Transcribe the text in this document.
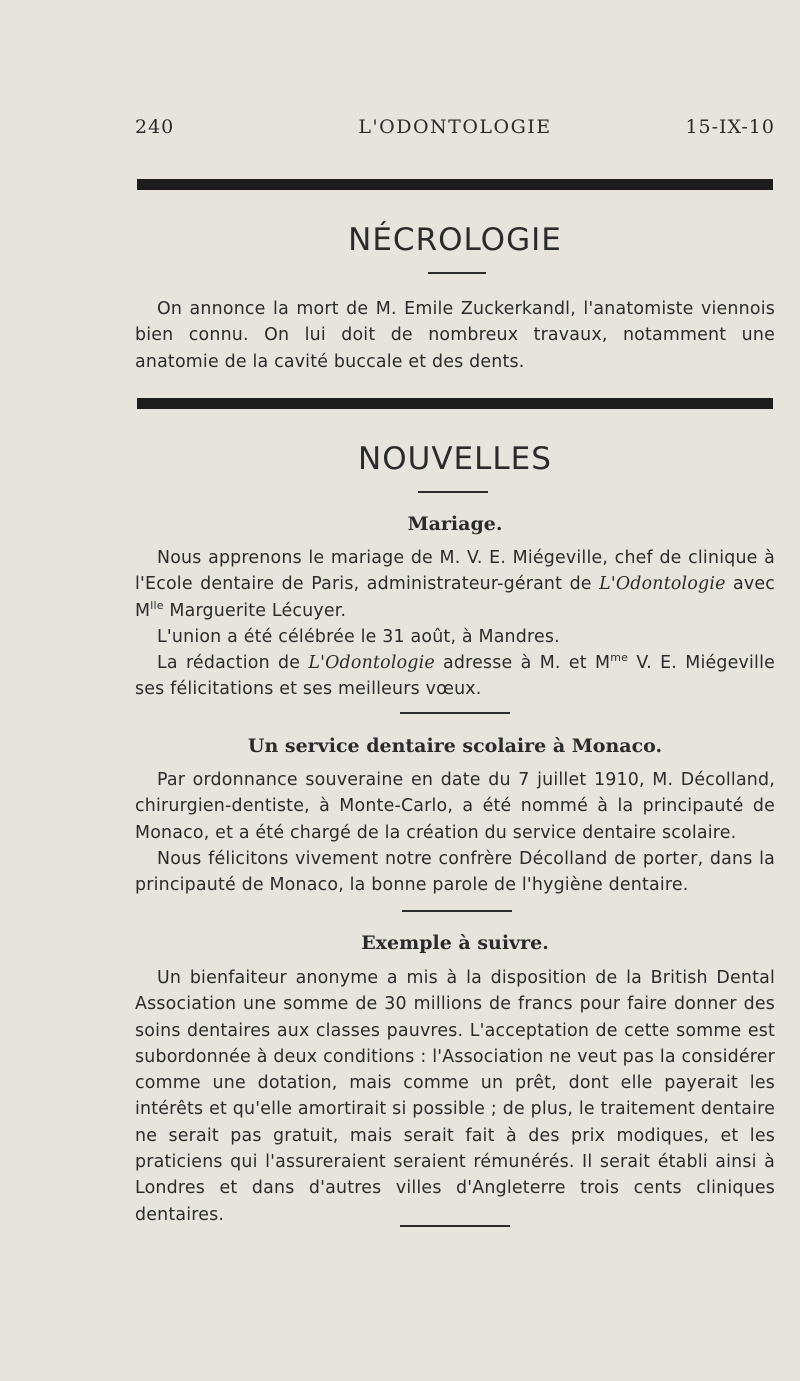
240	L'ODONTOLOGIE	15-IX-10
NÉCROLOGIE

On annonce la mort de M. Emile Zuckerkandl, l'anatomiste viennois bien connu. On lui doit de nombreux travaux, notamment une anatomie de la cavité buccale et des dents.

NOUVELLES
Mariage.

Nous apprenons le mariage de M. V. E. Miégeville, chef de clinique à l'Ecole dentaire de Paris, administrateur-gérant de L'Odontologie avec $M^{lle}$ Marguerite Lécuyer.

L'union a été célébrée le 31 août, à Mandres.

La rédaction de L'Odontologie adresse à M. et $M^{me}$ V. E. Miégeville ses félicitations et ses meilleurs vœux.

Un service dentaire scolaire à Monaco.

Par ordonnance souveraine en date du 7 juillet 1910, M. Décolland, chirurgien-dentiste, à Monte-Carlo, a été nommé à la principauté de Monaco, et a été chargé de la création du service dentaire scolaire.

Nous félicitons vivement notre confrère Décolland de porter, dans la principauté de Monaco, la bonne parole de l'hygiène dentaire.

Exemple à suivre.

Un bienfaiteur anonyme a mis à la disposition de la British Dental Association une somme de 30 millions de francs pour faire donner des soins dentaires aux classes pauvres. L'acceptation de cette somme est subordonnée à deux conditions : l'Association ne veut pas la considérer comme une dotation, mais comme un prêt, dont elle payerait les intérêts et qu'elle amortirait si possible ; de plus, le traitement dentaire ne serait pas gratuit, mais serait fait à des prix modiques, et les praticiens qui l'assureraient seraient rémunérés. Il serait établi ainsi à Londres et dans d'autres villes d'Angleterre trois cents cliniques dentaires.
